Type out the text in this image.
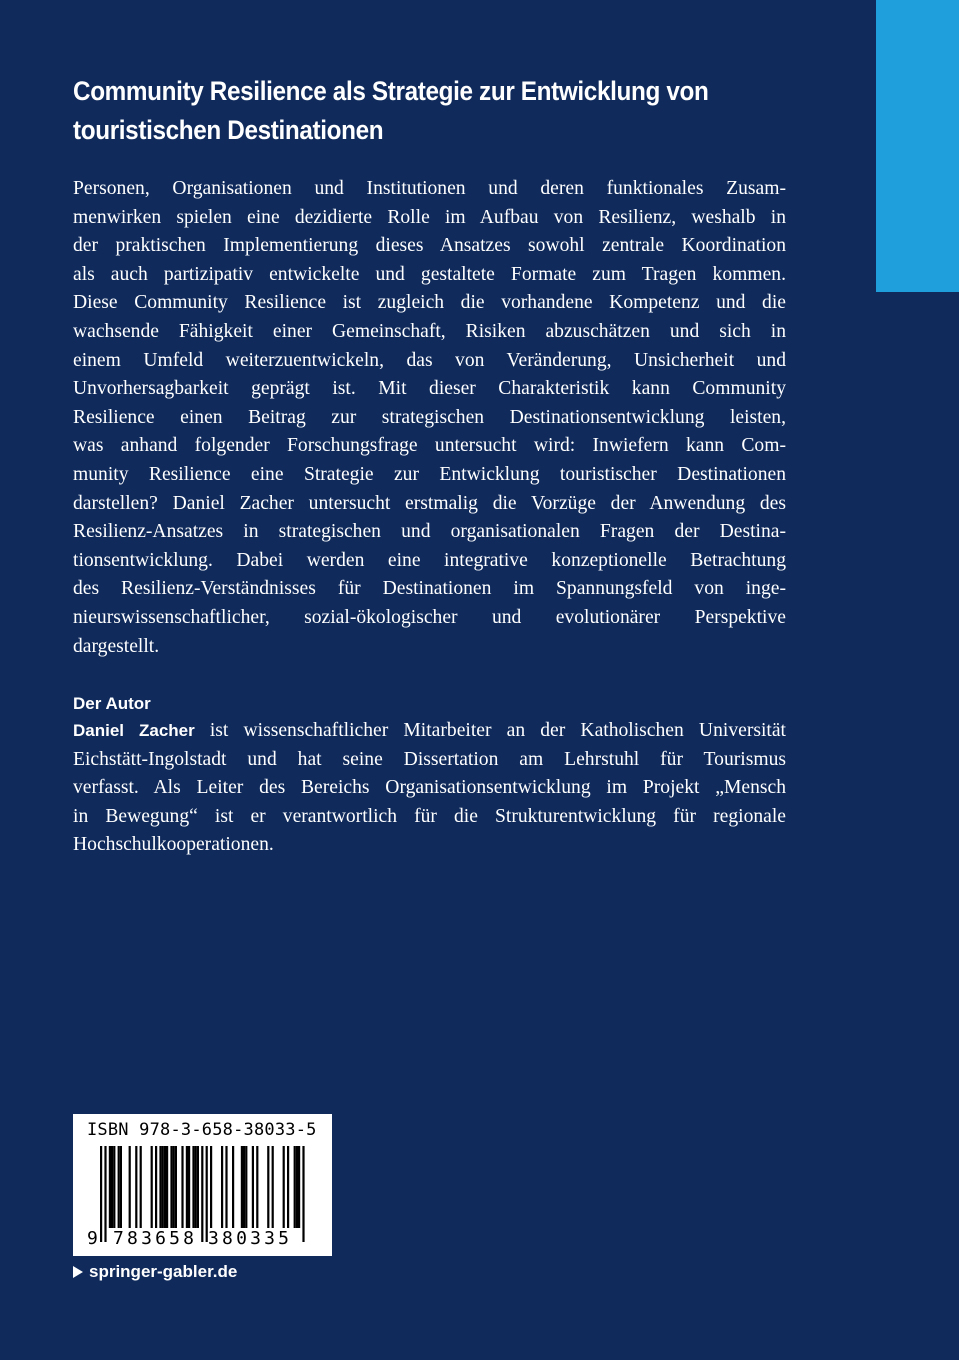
Community Resilience als Strategie zur Entwicklung von
touristischen Destinationen
Personen, Organisationen und Institutionen und deren funktionales Zusam-
menwirken spielen eine dezidierte Rolle im Aufbau von Resilienz, weshalb in
der praktischen Implementierung dieses Ansatzes sowohl zentrale Koordination
als auch partizipativ entwickelte und gestaltete Formate zum Tragen kommen.
Diese Community Resilience ist zugleich die vorhandene Kompetenz und die
wachsende Fähigkeit einer Gemeinschaft, Risiken abzuschätzen und sich in
einem Umfeld weiterzuentwickeln, das von Veränderung, Unsicherheit und
Unvorhersagbarkeit geprägt ist. Mit dieser Charakteristik kann Community
Resilience einen Beitrag zur strategischen Destinationsentwicklung leisten,
was anhand folgender Forschungsfrage untersucht wird: Inwiefern kann Com-
munity Resilience eine Strategie zur Entwicklung touristischer Destinationen
darstellen? Daniel Zacher untersucht erstmalig die Vorzüge der Anwendung des
Resilienz-Ansatzes in strategischen und organisationalen Fragen der Destina-
tionsentwicklung. Dabei werden eine integrative konzeptionelle Betrachtung
des Resilienz-Verständnisses für Destinationen im Spannungsfeld von inge-
nieurswissenschaftlicher, sozial-ökologischer und evolutionärer Perspektive
dargestellt.
Der Autor
Daniel Zacher ist wissenschaftlicher Mitarbeiter an der Katholischen Universität
Eichstätt-Ingolstadt und hat seine Dissertation am Lehrstuhl für Tourismus
verfasst. Als Leiter des Bereichs Organisationsentwicklung im Projekt „Mensch
in Bewegung“ ist er verantwortlich für die Strukturentwicklung für regionale
Hochschulkooperationen.

ISBN 978-3-658-38033-5

9 783658 380335

springer-gabler.de
